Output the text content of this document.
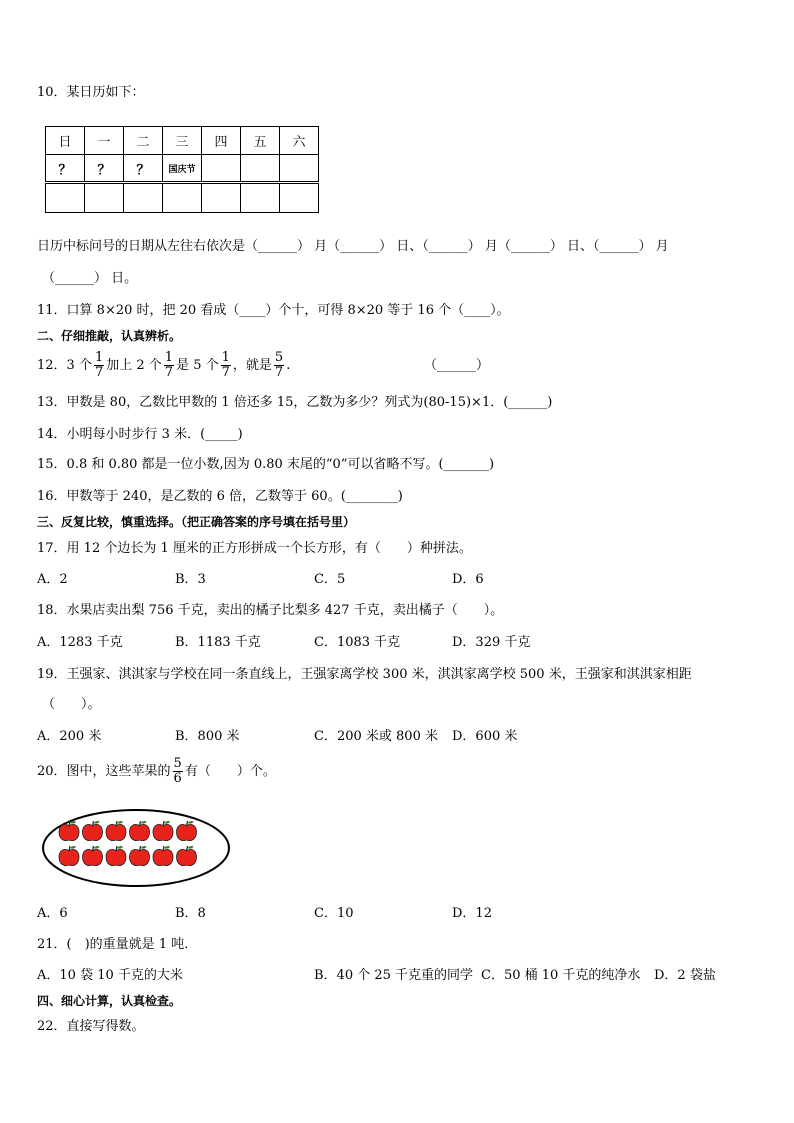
10．某日历如下：
日	一	二	三	四	五	六
？	？	？	国庆节			

日历中标问号的日期从左往右依次是（______） 月（______） 日、（______） 月（______） 日、（______） 月
（______） 日。
11．口算 8×20 时，把 20 看成（____）个十，可得 8×20 等于 16 个（____）。
二、仔细推敲，认真辨析。
12．3 个 $\frac{1}{7}$ 加上 2 个 $\frac{1}{7}$ 是 5 个 $\frac{1}{7}$ ，就是 $\frac{5}{7}$ .	（______）
13．甲数是 80，乙数比甲数的 1 倍还多 15，乙数为多少？列式为(80-15)×1．(______)
14．小明每小时步行 3 米．(_____)
15．0.8 和 0.80 都是一位小数,因为 0.80 末尾的“0”可以省略不写。(_______)
16．甲数等于 240，是乙数的 6 倍，乙数等于 60。(________)
三、反复比较，慎重选择。（把正确答案的序号填在括号里）
17．用 12 个边长为 1 厘米的正方形拼成一个长方形，有（　　）种拼法。
A．2	B．3	C．5	D．6
18．水果店卖出梨 756 千克，卖出的橘子比梨多 427 千克，卖出橘子（　　）。
A．1283 千克	B．1183 千克	C．1083 千克	D．329 千克
19．王强家、淇淇家与学校在同一条直线上，王强家离学校 300 米，淇淇家离学校 500 米，王强家和淇淇家相距
（　　）。
A．200 米	B．800 米	C．200 米或 800 米 D．600 米
20．图中，这些苹果的 $\frac{5}{6}$ 有（　　）个。
A．6	B．8	C．10	D．12
21．(　)的重量就是 1 吨．
A．10 袋 10 千克的大米	B．40 个 25 千克重的同学 C．50 桶 10 千克的纯净水 D．2 袋盐
四、细心计算，认真检查。
22．直接写得数。
